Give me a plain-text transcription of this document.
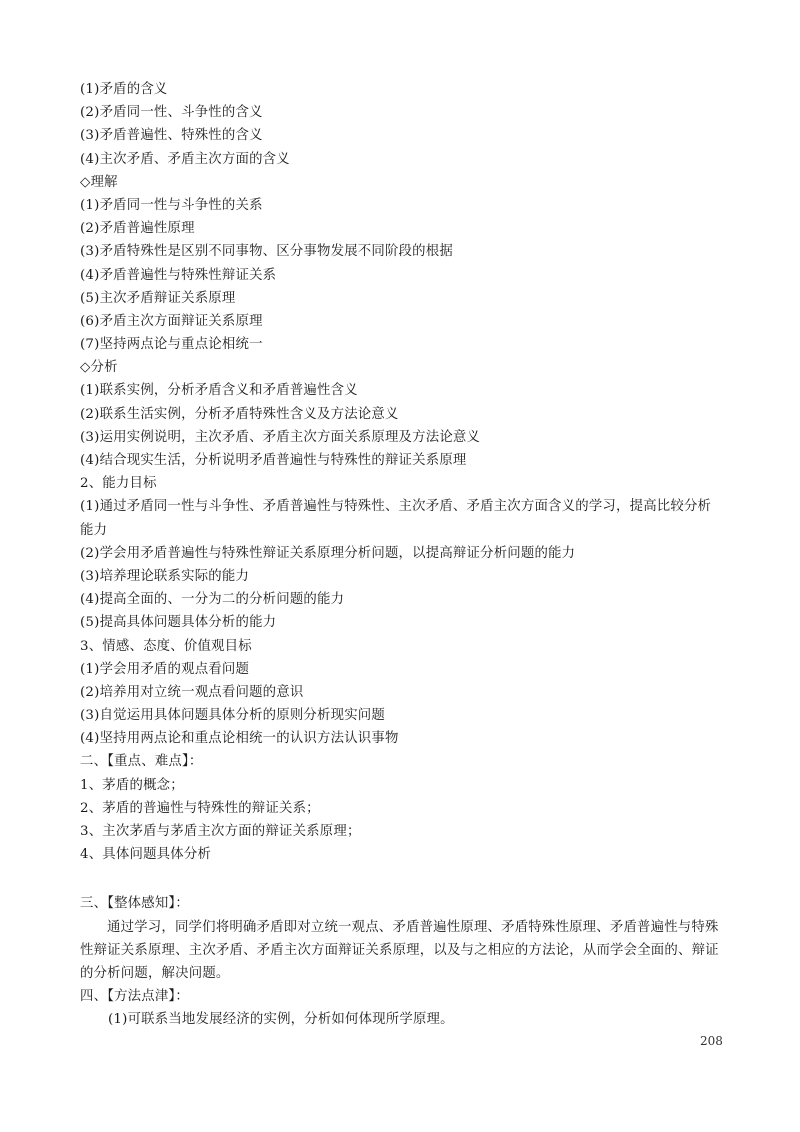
(1)矛盾的含义
(2)矛盾同一性、斗争性的含义
(3)矛盾普遍性、特殊性的含义
(4)主次矛盾、矛盾主次方面的含义
◇理解
(1)矛盾同一性与斗争性的关系
(2)矛盾普遍性原理
(3)矛盾特殊性是区别不同事物、区分事物发展不同阶段的根据
(4)矛盾普遍性与特殊性辩证关系
(5)主次矛盾辩证关系原理
(6)矛盾主次方面辩证关系原理
(7)坚持两点论与重点论相统一
◇分析
(1)联系实例，分析矛盾含义和矛盾普遍性含义
(2)联系生活实例，分析矛盾特殊性含义及方法论意义
(3)运用实例说明，主次矛盾、矛盾主次方面关系原理及方法论意义
(4)结合现实生活，分析说明矛盾普遍性与特殊性的辩证关系原理
2、能力目标
(1)通过矛盾同一性与斗争性、矛盾普遍性与特殊性、主次矛盾、矛盾主次方面含义的学习，提高比较分析能力
(2)学会用矛盾普遍性与特殊性辩证关系原理分析问题，以提高辩证分析问题的能力
(3)培养理论联系实际的能力
(4)提高全面的、一分为二的分析问题的能力
(5)提高具体问题具体分析的能力
3、情感、态度、价值观目标
(1)学会用矛盾的观点看问题
(2)培养用对立统一观点看问题的意识
(3)自觉运用具体问题具体分析的原则分析现实问题
(4)坚持用两点论和重点论相统一的认识方法认识事物
二、【重点、难点】：
1、茅盾的概念；
2、茅盾的普遍性与特殊性的辩证关系；
3、主次茅盾与茅盾主次方面的辩证关系原理；
4、具体问题具体分析
三、【整体感知】：
通过学习，同学们将明确矛盾即对立统一观点、矛盾普遍性原理、矛盾特殊性原理、矛盾普遍性与特殊性辩证关系原理、主次矛盾、矛盾主次方面辩证关系原理，以及与之相应的方法论，从而学会全面的、辩证的分析问题，解决问题。
四、【方法点津】：
(1)可联系当地发展经济的实例，分析如何体现所学原理。
208
